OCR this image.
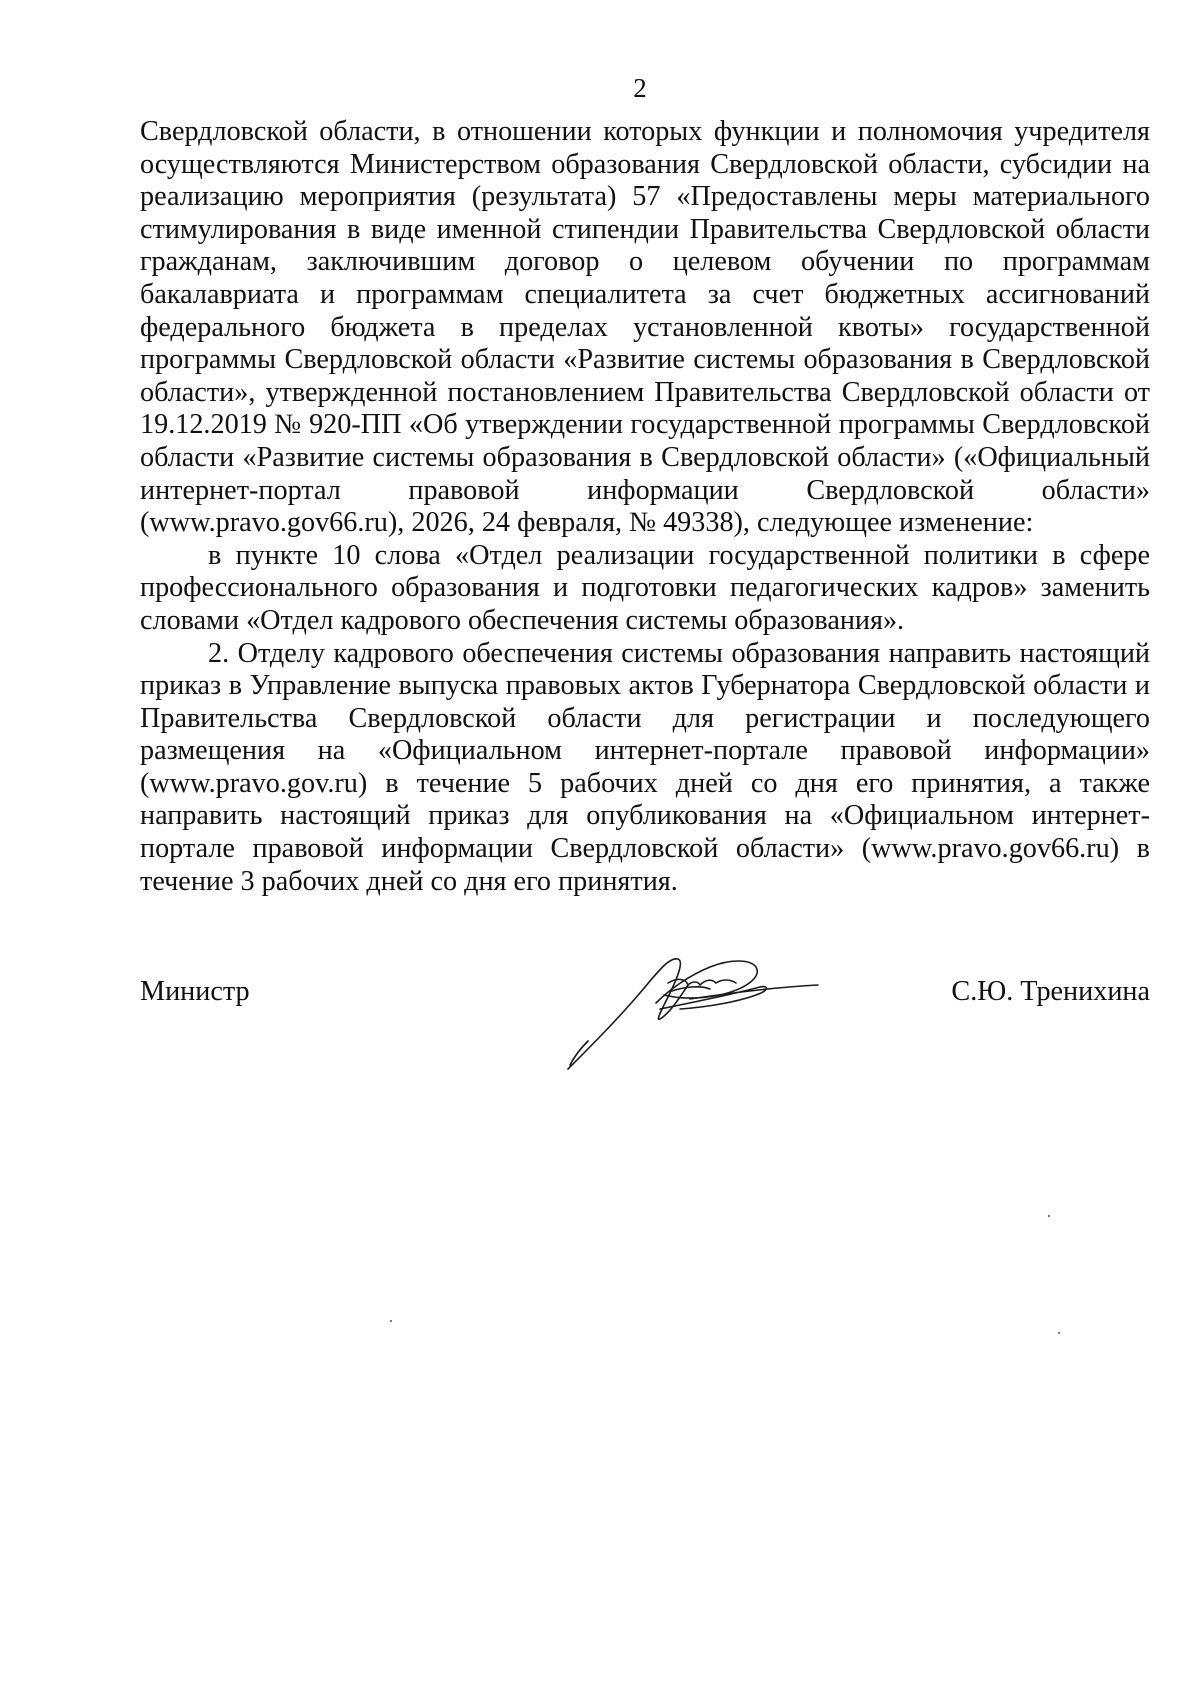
2

Свердловской области, в отношении которых функции и полномочия учредителя осуществляются Министерством образования Свердловской области, субсидии на реализацию мероприятия (результата) 57 «Предоставлены меры материального стимулирования в виде именной стипендии Правительства Свердловской области гражданам, заключившим договор о целевом обучении по программам бакалавриата и программам специалитета за счет бюджетных ассигнований федерального бюджета в пределах установленной квоты» государственной программы Свердловской области «Развитие системы образования в Свердловской области», утвержденной постановлением Правительства Свердловской области от 19.12.2019 № 920-ПП «Об утверждении государственной программы Свердловской области «Развитие системы образования в Свердловской области» («Официальный интернет-портал правовой информации Свердловской области» (www.pravo.gov66.ru), 2026, 24 февраля, № 49338), следующее изменение:

в пункте 10 слова «Отдел реализации государственной политики в сфере профессионального образования и подготовки педагогических кадров» заменить словами «Отдел кадрового обеспечения системы образования».

2. Отделу кадрового обеспечения системы образования направить настоящий приказ в Управление выпуска правовых актов Губернатора Свердловской области и Правительства Свердловской области для регистрации и последующего размещения на «Официальном интернет-портале правовой информации» (www.pravo.gov.ru) в течение 5 рабочих дней со дня его принятия, а также направить настоящий приказ для опубликования на «Официальном интернет-портале правовой информации Свердловской области» (www.pravo.gov66.ru) в течение 3 рабочих дней со дня его принятия.

Министр	С.Ю. Тренихина
